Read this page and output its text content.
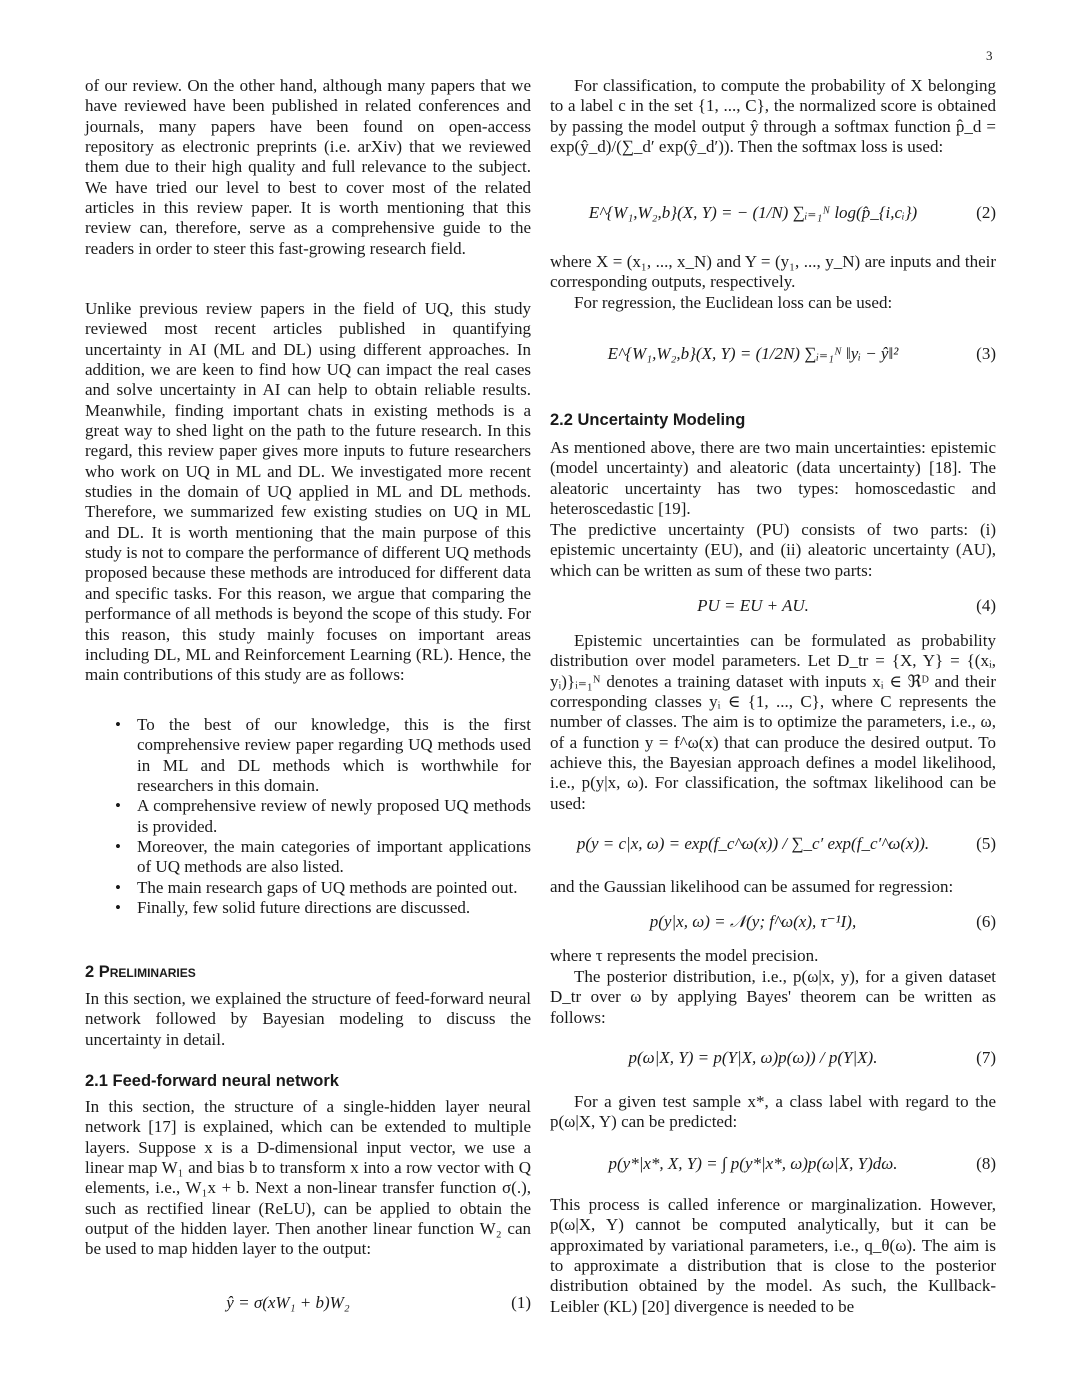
3
of our review. On the other hand, although many papers that we have reviewed have been published in related conferences and journals, many papers have been found on open-access repository as electronic preprints (i.e. arXiv) that we reviewed them due to their high quality and full relevance to the subject. We have tried our level to best to cover most of the related articles in this review paper. It is worth mentioning that this review can, therefore, serve as a comprehensive guide to the readers in order to steer this fast-growing research field.
Unlike previous review papers in the field of UQ, this study reviewed most recent articles published in quantifying uncertainty in AI (ML and DL) using different approaches. In addition, we are keen to find how UQ can impact the real cases and solve uncertainty in AI can help to obtain reliable results. Meanwhile, finding important chats in existing methods is a great way to shed light on the path to the future research. In this regard, this review paper gives more inputs to future researchers who work on UQ in ML and DL. We investigated more recent studies in the domain of UQ applied in ML and DL methods. Therefore, we summarized few existing studies on UQ in ML and DL. It is worth mentioning that the main purpose of this study is not to compare the performance of different UQ methods proposed because these methods are introduced for different data and specific tasks. For this reason, we argue that comparing the performance of all methods is beyond the scope of this study. For this reason, this study mainly focuses on important areas including DL, ML and Reinforcement Learning (RL). Hence, the main contributions of this study are as follows:
• To the best of our knowledge, this is the first comprehensive review paper regarding UQ methods used in ML and DL methods which is worthwhile for researchers in this domain.
• A comprehensive review of newly proposed UQ methods is provided.
• Moreover, the main categories of important applications of UQ methods are also listed.
• The main research gaps of UQ methods are pointed out.
• Finally, few solid future directions are discussed.
2 Preliminaries
In this section, we explained the structure of feed-forward neural network followed by Bayesian modeling to discuss the uncertainty in detail.
2.1 Feed-forward neural network
In this section, the structure of a single-hidden layer neural network [17] is explained, which can be extended to multiple layers. Suppose x is a D-dimensional input vector, we use a linear map W₁ and bias b to transform x into a row vector with Q elements, i.e., W₁x + b. Next a non-linear transfer function σ(.), such as rectified linear (ReLU), can be applied to obtain the output of the hidden layer. Then another linear function W₂ can be used to map hidden layer to the output:
ŷ = σ(xW₁ + b)W₂	(1)
For classification, to compute the probability of X belonging to a label c in the set {1, ..., C}, the normalized score is obtained by passing the model output ŷ through a softmax function p̂_d = exp(ŷ_d)/(∑_d′ exp(ŷ_d′)). Then the softmax loss is used:
E^{W₁,W₂,b}(X, Y) = − (1/N) ∑ᵢ₌₁ᴺ log(p̂_{i,cᵢ})	(2)
where X = (x₁, ..., x_N) and Y = (y₁, ..., y_N) are inputs and their corresponding outputs, respectively.
For regression, the Euclidean loss can be used:
E^{W₁,W₂,b}(X, Y) = (1/2N) ∑ᵢ₌₁ᴺ ‖yᵢ − ŷ‖²	(3)
2.2 Uncertainty Modeling
As mentioned above, there are two main uncertainties: epistemic (model uncertainty) and aleatoric (data uncertainty) [18]. The aleatoric uncertainty has two types: homoscedastic and heteroscedastic [19].
The predictive uncertainty (PU) consists of two parts: (i) epistemic uncertainty (EU), and (ii) aleatoric uncertainty (AU), which can be written as sum of these two parts:
PU = EU + AU.	(4)
Epistemic uncertainties can be formulated as probability distribution over model parameters. Let D_tr = {X, Y} = {(xᵢ, yᵢ)}ᵢ₌₁ᴺ denotes a training dataset with inputs xᵢ ∈ ℜᴰ and their corresponding classes yᵢ ∈ {1, ..., C}, where C represents the number of classes. The aim is to optimize the parameters, i.e., ω, of a function y = f^ω(x) that can produce the desired output. To achieve this, the Bayesian approach defines a model likelihood, i.e., p(y|x, ω). For classification, the softmax likelihood can be used:
p(y = c|x, ω) = exp(f_c^ω(x)) / ∑_c′ exp(f_c′^ω(x)).	(5)
and the Gaussian likelihood can be assumed for regression:
p(y|x, ω) = 𝒩(y; f^ω(x), τ⁻¹I),	(6)
where τ represents the model precision.
The posterior distribution, i.e., p(ω|x, y), for a given dataset D_tr over ω by applying Bayes' theorem can be written as follows:
p(ω|X, Y) = p(Y|X, ω)p(ω)) / p(Y|X).	(7)
For a given test sample x*, a class label with regard to the p(ω|X, Y) can be predicted:
p(y*|x*, X, Y) = ∫ p(y*|x*, ω)p(ω|X, Y)dω.	(8)
This process is called inference or marginalization. However, p(ω|X, Y) cannot be computed analytically, but it can be approximated by variational parameters, i.e., q_θ(ω). The aim is to approximate a distribution that is close to the posterior distribution obtained by the model. As such, the Kullback-Leibler (KL) [20] divergence is needed to be
